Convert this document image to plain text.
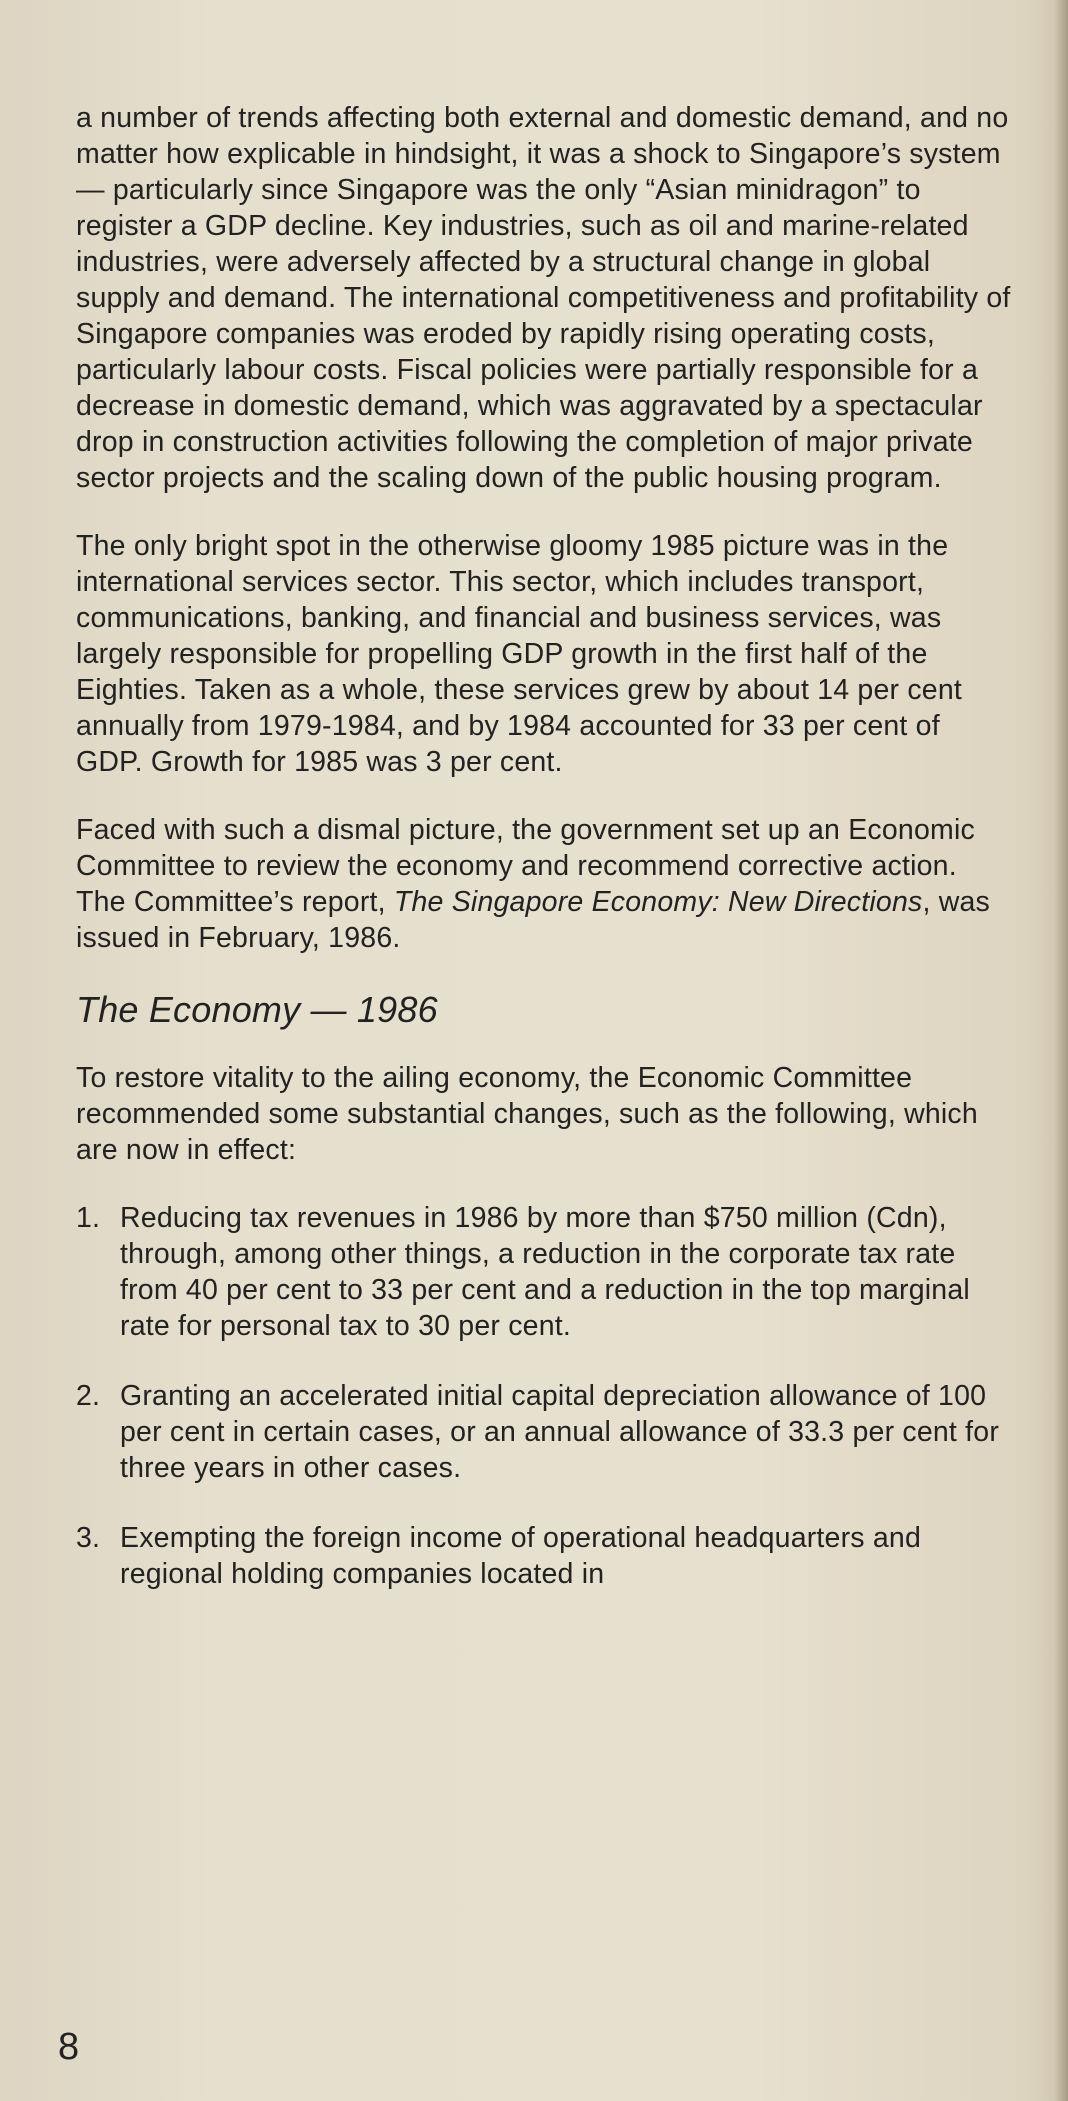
a number of trends affecting both external and domestic demand, and no matter how explicable in hindsight, it was a shock to Singapore’s system — particularly since Singapore was the only “Asian minidragon” to register a GDP decline. Key industries, such as oil and marine-related industries, were adversely affected by a structural change in global supply and demand. The international competitiveness and profitability of Singapore companies was eroded by rapidly rising operating costs, particularly labour costs. Fiscal policies were partially responsible for a decrease in domestic demand, which was aggravated by a spectacular drop in construction activities following the completion of major private sector projects and the scaling down of the public housing program.

The only bright spot in the otherwise gloomy 1985 picture was in the international services sector. This sector, which includes transport, communications, banking, and financial and business services, was largely responsible for propelling GDP growth in the first half of the Eighties. Taken as a whole, these services grew by about 14 per cent annually from 1979-1984, and by 1984 accounted for 33 per cent of GDP. Growth for 1985 was 3 per cent.

Faced with such a dismal picture, the government set up an Economic Committee to review the economy and recommend corrective action. The Committee’s report, The Singapore Economy: New Directions, was issued in February, 1986.

The Economy — 1986

To restore vitality to the ailing economy, the Economic Committee recommended some substantial changes, such as the following, which are now in effect:

1. Reducing tax revenues in 1986 by more than $750 million (Cdn), through, among other things, a reduction in the corporate tax rate from 40 per cent to 33 per cent and a reduction in the top marginal rate for personal tax to 30 per cent.
2. Granting an accelerated initial capital depreciation allowance of 100 per cent in certain cases, or an annual allowance of 33.3 per cent for three years in other cases.
3. Exempting the foreign income of operational headquarters and regional holding companies located in
8
